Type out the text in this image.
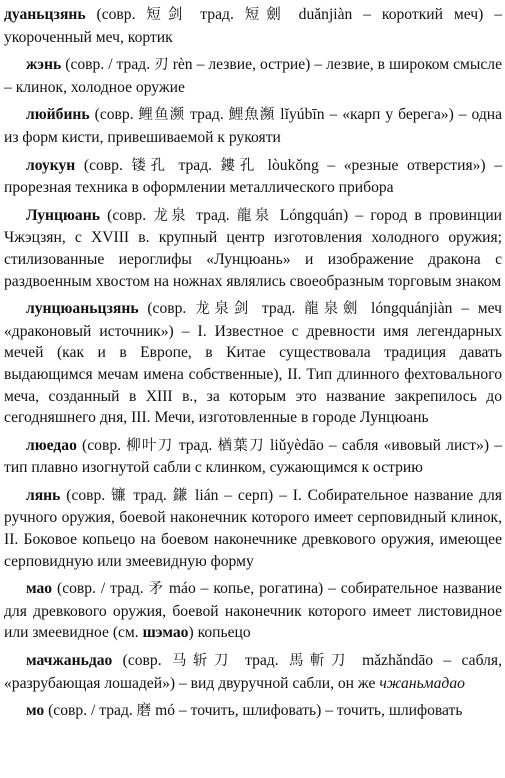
дуаньцзянь (совр. 短剑 трад. 短劍 duǎnjiàn – короткий меч) – укороченный меч, кортик

жэнь (совр. / трад. 刃 rèn – лезвие, острие) – лезвие, в широком смысле – клинок, холодное оружие

люйбинь (совр. 鲤鱼濒 трад. 鯉魚瀕 lǐyúbīn – «карп у берега») – одна из форм кисти, привешиваемой к рукояти

лоукун (совр. 镂孔 трад. 鏤孔 lòukǒng – «резные отверстия») – прорезная техника в оформлении металлического прибора

Лунцюань (совр. 龙泉 трад. 龍泉 Lóngquán) – город в провинции Чжэцзян, с XVIII в. крупный центр изготовления холодного оружия; стилизованные иероглифы «Лунцюань» и изображение дракона с раздвоенным хвостом на ножнах являлись своеобразным торговым знаком

лунцюаньцзянь (совр. 龙泉剑 трад. 龍泉劍 lóngquánjiàn – меч «драконовый источник») – I. Известное с древности имя легендарных мечей (как и в Европе, в Китае существовала традиция давать выдающимся мечам имена собственные), II. Тип длинного фехтовального меча, созданный в XIII в., за которым это название закрепилось до сегодняшнего дня, III. Мечи, изготовленные в городе Лунцюань

люедао (совр. 柳叶刀 трад. 楢葉刀 liǔyèdāo – сабля «ивовый лист») – тип плавно изогнутой сабли с клинком, сужающимся к острию

лянь (совр. 镰 трад. 鎌 lián – серп) – I. Собирательное название для ручного оружия, боевой наконечник которого имеет серповидный клинок, II. Боковое копьецо на боевом наконечнике древкового оружия, имеющее серповидную или змеевидную форму

мао (совр. / трад. 矛 máo – копье, рогатина) – собирательное название для древкового оружия, боевой наконечник которого имеет листовидное или змеевидное (см. шэмао) копьецо

мачжаньдао (совр. 马斩刀 трад. 馬斬刀 mǎzhǎndāo – сабля, «разрубающая лошадей») – вид двуручной сабли, он же чжаньмадао

мо (совр. / трад. 磨 mó – точить, шлифовать) – точить, шлифовать
